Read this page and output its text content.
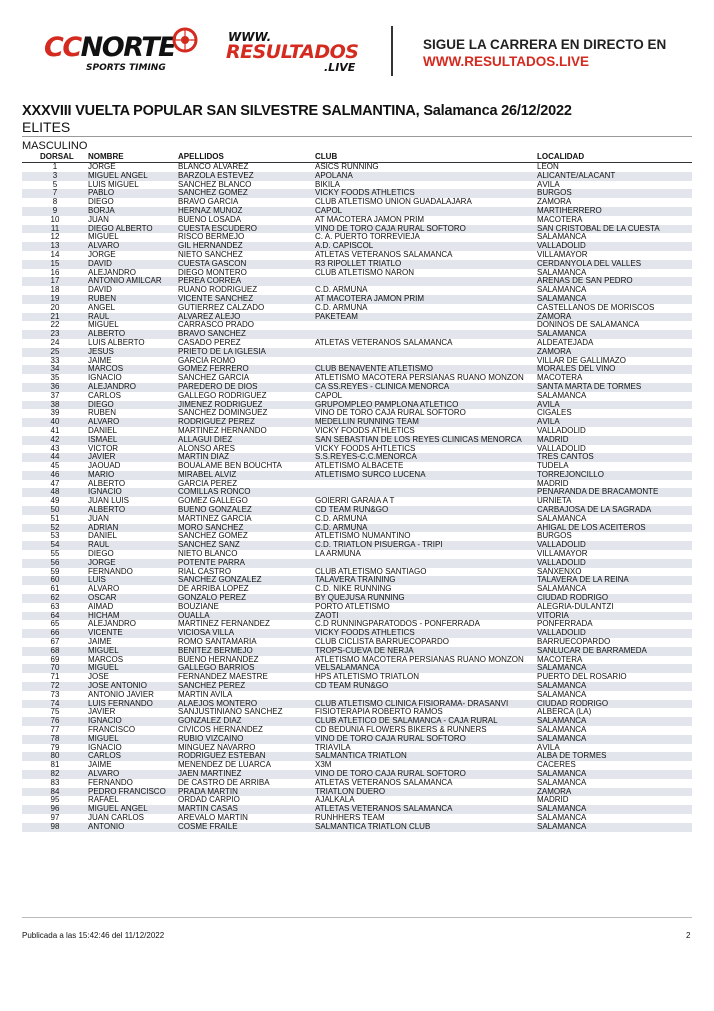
CCNORTE
SPORTS TIMING
WWW.
RESULTADOS
.LIVE
SIGUE LA CARRERA EN DIRECTO EN
WWW.RESULTADOS.LIVE
XXXVIII VUELTA POPULAR SAN SILVESTRE SALMANTINA, Salamanca 26/12/2022
ELITES
MASCULINO
DORSAL	NOMBRE	APELLIDOS	CLUB	LOCALIDAD
1	JORGE	BLANCO ÁLVAREZ	ASICS RUNNING	LEÓN
3	MIGUEL ÁNGEL	BARZOLA ESTÉVEZ	APOLANA	ALICANTE/ALACANT
5	LUIS MIGUEL	SÁNCHEZ BLANCO	BIKILA	ÁVILA
7	PABLO	SÁNCHEZ GÓMEZ	VICKY FOODS ATHLETICS	BURGOS
8	DIEGO	BRAVO GARCÍA	CLUB ATLETISMO UNIÓN GUADALAJARA	ZAMORA
9	BORJA	HERNAZ MUÑOZ	CAPOL	MARTIHERRERO
10	JUAN	BUENO LOSADA	AT MACOTERA JAMON PRIM	MACOTERA
11	DIEGO ALBERTO	CUESTA ESCUDERO	VINO DE TORO CAJA RURAL SOFTORO	SAN CRISTÓBAL DE LA CUESTA
12	MIGUEL	RISCO BERMEJO	C. A. PUERTO TORREVIEJA	SALAMANCA
13	ÁLVARO	GIL HERNÁNDEZ	A.D. CAPISCOL	VALLADOLID
14	JORGE	NIETO SÁNCHEZ	ATLETAS VETERANOS SALAMANCA	VILLAMAYOR
15	DAVID	CUESTA GASCON	R3 RIPOLLET TRIATLÓ	CERDANYOLA DEL VALLÈS
16	ALEJANDRO	DIEGO MONTERO	CLUB ATLETISMO NARÓN	SALAMANCA
17	ANTONIO AMILCAR	PEREA CORREA		ARENAS DE SAN PEDRO
18	DAVID	RUANO RODRÍGUEZ	C.D. ARMUÑA	SALAMANCA
19	RUBEN	VICENTE SANCHEZ	AT MACOTERA JAMON PRIM	SALAMANCA
20	ANGEL	GUTIERREZ CALZADO	C.D. ARMUÑA	CASTELLANOS DE MORISCOS
21	RAUL	ALVAREZ ALEJO	PAKETEAM	ZAMORA
22	MIGUEL	CARRASCO PRADO		DOÑINOS DE SALAMANCA
23	ALBERTO	BRAVO SANCHEZ		SALAMANCA
24	LUIS ALBERTO	CASADO PÉREZ	ATLETAS VETERANOS SALAMANCA	ALDEATEJADA
25	JESÚS	PRIETO DE LA IGLESIA		ZAMORA
33	JAIME	GARCIA ROMO		VILLAR DE GALLIMAZO
34	MARCOS	GOMEZ FERRERO	CLUB BENAVENTE ATLETISMO	MORALES DEL VINO
35	IGNACIO	SANCHEZ GARCIA	ATLETISMO MACOTERA PERSIANAS RUANO MONZON	MACOTERA
36	ALEJANDRO	PAREDERO DE DIOS	CA SS.REYES - CLÍNICA MENORCA	SANTA MARTA DE TORMES
37	CARLOS	GALLEGO RODRIGUEZ	CAPOL	SALAMANCA
38	DIEGO	JIMENEZ RODRIGUEZ	GRUPOMPLEO PAMPLONA ATLETICO	ÁVILA
39	RUBEN	SANCHEZ DOMINGUEZ	VINO DE TORO CAJA RURAL SOFTORO	CIGALES
40	ALVARO	RODRIGUEZ PEREZ	MEDELLÍN RUNNING TEAM	ÁVILA
41	DANIEL	MARTÍNEZ HERNANDO	VICKY FOODS ATHLETICS	VALLADOLID
42	ISMAEL	ALLAGUI DIEZ	SAN SEBASTIÁN DE LOS REYES CLINICAS MENORCA	MADRID
43	VICTOR	ALONSO ARES	VICKY FOODS AHTLETICS	VALLADOLID
44	JAVIER	MARTÍN DÍAZ	S.S.REYES-C.C.MENORCA	TRES CANTOS
45	JAOUAD	BOUALAME BEN BOUCHTA	ATLETISMO ALBACETE	TUDELA
46	MARIO	MIRABEL ALVIZ	ATLETISMO SURCO LUCENA	TORREJONCILLO
47	ALBERTO	GARCIA PEREZ		MADRID
48	IGNACIO	COMILLAS RONCO		PEÑARANDA DE BRACAMONTE
49	JUAN LUIS	GÓMEZ GALLEGO	GOIERRI GARAIA A T	URNIETA
50	ALBERTO	BUENO GONZÁLEZ	CD TEAM RUN&GO	CARBAJOSA DE LA SAGRADA
51	JUAN	MARTÍNEZ GARCÍA	C.D. ARMUÑA	SALAMANCA
52	ADRIÁN	MORO SÁNCHEZ	C.D. ARMUÑA	AHIGAL DE LOS ACEITEROS
53	DANIEL	SÁNCHEZ GÓMEZ	ATLETISMO NUMANTINO	BURGOS
54	RAÚL	SÁNCHEZ SANZ	C.D. TRIATLON PISUERGA - TRIPI	VALLADOLID
55	DIEGO	NIETO BLANCO	LA ARMUÑA	VILLAMAYOR
56	JORGE	POTENTE PARRA		VALLADOLID
59	FERNANDO	RIAL CASTRO	CLUB ATLETISMO SANTIAGO	SANXENXO
60	LUIS	SÁNCHEZ GONZALEZ	TALAVERA TRAINING	TALAVERA DE LA REINA
61	ALVARO	DE ARRIBA LOPEZ	C.D. NIKE RUNNING	SALAMANCA
62	OSCAR	GONZALO PÉREZ	BY QUEJUSA RUNNING	CIUDAD RODRIGO
63	AIMAD	BOUZIANE	PORTO ATLETISMO	ALEGRÍA-DULANTZI
64	HICHAM	OUALLA	ZAOTI	VITORIA
65	ALEJANDRO	MARTÍNEZ FERNÁNDEZ	C.D RUNNINGPARATODOS - PONFERRADA	PONFERRADA
66	VICENTE	VICIOSA VILLA	VICKY FOODS ATHLETICS	VALLADOLID
67	JAIME	ROMO SANTAMARÍA	CLUB CICLISTA BARRUECOPARDO	BARRUECOPARDO
68	MIGUEL	BENITEZ BERMEJO	TROPS-CUEVA DE NERJA	SANLÚCAR DE BARRAMEDA
69	MARCOS	BUENO HERNÁNDEZ	ATLETISMO MACOTERA PERSIANAS RUANO MONZON	MACOTERA
70	MIGUEL	GALLEGO BARRIOS	VELSALAMANCA	SALAMANCA
71	JOSÉ	FERNÁNDEZ MAESTRE	HPS ATLETISMO TRIATLON	PUERTO DEL ROSARIO
72	JOSE ANTONIO	SANCHEZ PEREZ	CD TEAM RUN&GO	SALAMANCA
73	ANTONIO JAVIER	MARTIN AVILA		SALAMANCA
74	LUIS FERNANDO	ALAEJOS MONTERO	CLUB ATLETISMO CLINICA FISIORAMA- DRASANVI	CIUDAD RODRIGO
75	JAVIER	SANJUSTINIANO SÁNCHEZ	FISIOTERAPIA ROBERTO RAMOS	ALBERCA (LA)
76	IGNACIO	GONZÁLEZ DÍAZ	CLUB ATLÉTICO DE SALAMANCA - CAJA RURAL	SALAMANCA
77	FRANCISCO	CÍVICOS HERNÁNDEZ	CD BEDUNIA FLOWERS BIKERS & RUNNERS	SALAMANCA
78	MIGUEL	RUBIO VIZCAÍNO	VINO DE TORO CAJA RURAL SOFTORO	SALAMANCA
79	IGNACIO	MÍNGUEZ NAVARRO	TRIÁVILA	ÁVILA
80	CARLOS	RODRÍGUEZ ESTEBAN	SALMANTICA TRIATLÓN	ALBA DE TORMES
81	JAIME	MENÉNDEZ DE LUARCA	X3M	CÁCERES
82	ÁLVARO	JAÉN MARTÍNEZ	VINO DE TORO CAJA RURAL SOFTORO	SALAMANCA
83	FERNANDO	DE CASTRO DE ARRIBA	ATLETAS VETERANOS SALAMANCA	SALAMANCA
84	PEDRO FRANCISCO	PRADA MARTIN	TRIATLON DUERO	ZAMORA
95	RAFAEL	ORDAD CARPIO	AJALKALÁ	MADRID
96	MIGUEL ÁNGEL	MARTÍN CASAS	ATLETAS VETERANOS SALAMANCA	SALAMANCA
97	JUAN CARLOS	ARÉVALO MARTÍN	RUNHHERS TEAM	SALAMANCA
98	ANTONIO	COSME FRAILE	SALMANTICA TRIATLON CLUB	SALAMANCA
Publicada a las 15:42:46 del 11/12/2022	2
